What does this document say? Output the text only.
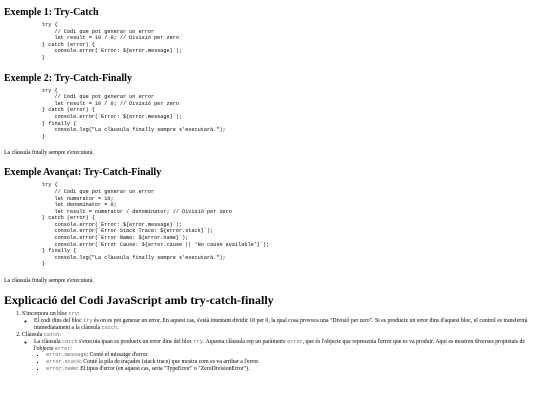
Exemple 1: Try-Catch
try {
// Codi que pot generar un error
let result = 10 / 0; // Divisió per zero
} catch (error) {
console.error(`Error: ${error.message}`);
}
Exemple 2: Try-Catch-Finally
try {
// Codi que pot generar un error
let result = 10 / 0; // Divisió per zero
} catch (error) {
console.error(`Error: ${error.message}`);
} finally {
console.log("La clàusula finally sempre s'executarà.");
}

La clàusula finally sempre s'executarà.

Exemple Avançat: Try-Catch-Finally
try {
// Codi que pot generar un error
let numerator = 10;
let denominator = 0;
let result = numerator / denominator; // Divisió per zero
} catch (error) {
console.error(`Error: ${error.message}`);
console.error(`Error Stack Trace: ${error.stack}`);
console.error(`Error Name: ${error.name}`);
console.error(`Error Cause: ${error.cause || 'No cause available'}`);
} finally {
console.log("La clàusula finally sempre s'executarà.");
}

La clàusula finally sempre s'executarà.

Explicació del Codi JavaScript amb try-catch-finally
1. S'incorpora un bloc try:
◦ El codi dins del bloc try és on es pot generar un error. En aquest cas, s'està intentant dividir 10 per 0, la qual cosa provoca una "Divisió per zero". Si es produeix un error dins d'aquest bloc, el control es transferirà immediatament a la clàusula catch.
2. Clàusula catch:
◦ La clàusula catch s'executa quan es produeix un error dins del bloc try. Aquesta clàusula rep un paràmetre error, que és l'objecte que representa l'error que es va produir. Aquí es mostren diverses propietats de l'objecte error:
▪ error.message: Conté el missatge d'error.
▪ error.stack: Conté la pila de traçades (stack trace) que mostra com es va arribar a l'error.
▪ error.name: El tipus d'error (en aquest cas, seria "TypeError" o "ZeroDivisionError").
